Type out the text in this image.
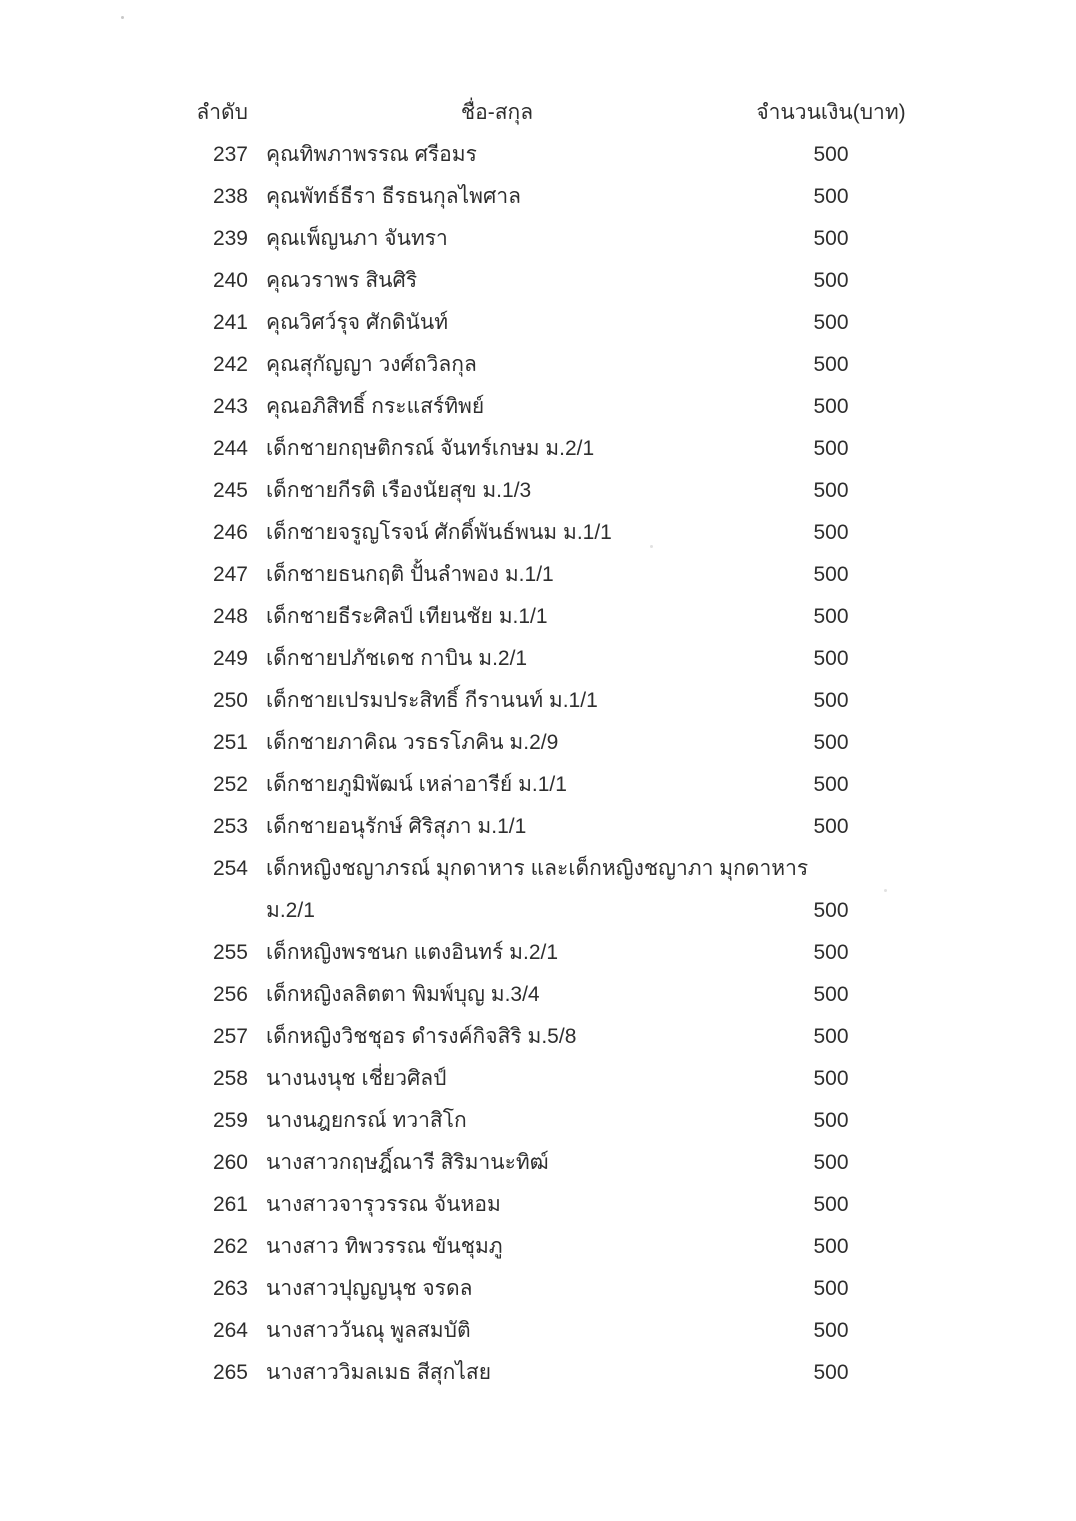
ลำดับ	ชื่อ-สกุล	จำนวนเงิน(บาท)
237 คุณทิพภาพรรณ ศรีอมร	500
238 คุณพัทธ์ธีรา ธีรธนกุลไพศาล	500
239 คุณเพ็ญนภา จันทรา	500
240 คุณวราพร สินศิริ	500
241 คุณวิศว์รุจ ศักดินันท์	500
242 คุณสุกัญญา วงศ์ถวิลกุล	500
243 คุณอภิสิทธิ์ กระแสร์ทิพย์	500
244 เด็กชายกฤษติกรณ์ จันทร์เกษม ม.2/1	500
245 เด็กชายกีรติ เรืองนัยสุข ม.1/3	500
246 เด็กชายจรูญโรจน์ ศักดิ์พันธ์พนม ม.1/1	500
247 เด็กชายธนกฤติ ปั้นลำพอง ม.1/1	500
248 เด็กชายธีระศิลป์ เทียนชัย ม.1/1	500
249 เด็กชายปภัชเดช กาบิน ม.2/1	500
250 เด็กชายเปรมประสิทธิ์ กีรานนท์ ม.1/1	500
251 เด็กชายภาคิณ วรธรโภคิน ม.2/9	500
252 เด็กชายภูมิพัฒน์ เหล่าอารีย์ ม.1/1	500
253 เด็กชายอนุรักษ์ ศิริสุภา ม.1/1	500
254 เด็กหญิงชญาภรณ์ มุกดาหาร และเด็กหญิงชญาภา มุกดาหาร
ม.2/1	500
255 เด็กหญิงพรชนก แตงอินทร์ ม.2/1	500
256 เด็กหญิงลลิตตา พิมพ์บุญ ม.3/4	500
257 เด็กหญิงวิชชุอร ดำรงค์กิจสิริ ม.5/8	500
258 นางนงนุช เชี่ยวศิลป์	500
259 นางนฎยกรณ์ ทวาสิโก	500
260 นางสาวกฤษฎิ์ณารี สิริมานะทิฒ์	500
261 นางสาวจารุวรรณ จันหอม	500
262 นางสาว ทิพวรรณ ขันชุมภู	500
263 นางสาวปุญญนุช จรดล	500
264 นางสาววันณุ พูลสมบัติ	500
265 นางสาววิมลเมธ สีสุกไสย	500
